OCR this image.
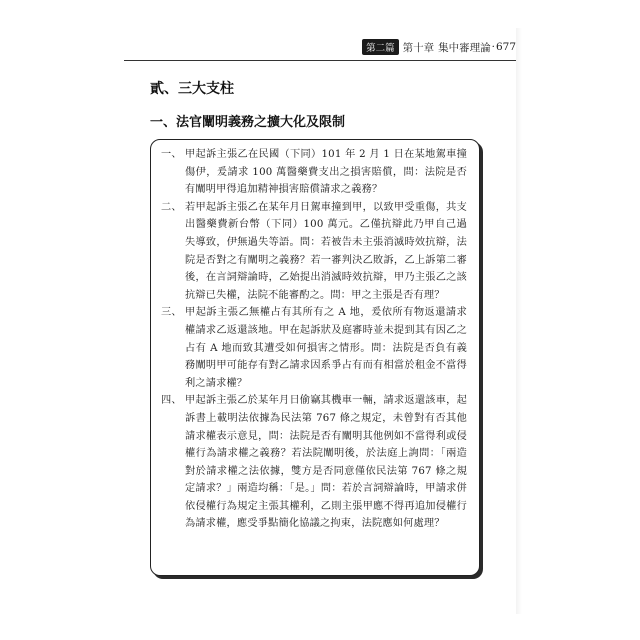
第二篇 第十章 集中審理論 · 677
貳、三大支柱
一、法官闡明義務之擴大化及限制
一、 甲起訴主張乙在民國（下同）101 年 2 月 1 日在某地駕車撞傷伊，爰請求 100 萬醫藥費支出之損害賠償，問：法院是否有闡明甲得追加精神損害賠償請求之義務？
二、 若甲起訴主張乙在某年月日駕車撞到甲，以致甲受重傷，共支出醫藥費新台幣（下同）100 萬元。乙僅抗辯此乃甲自己過失導致，伊無過失等語。問：若被告未主張消滅時效抗辯，法院是否對之有闡明之義務？若一審判決乙敗訴，乙上訴第二審後，在言詞辯論時，乙始提出消滅時效抗辯，甲乃主張乙之該抗辯已失權，法院不能審酌之。問：甲之主張是否有理？
三、 甲起訴主張乙無權占有其所有之 A 地，爰依所有物返還請求權請求乙返還該地。甲在起訴狀及庭審時並未提到其有因乙之占有 A 地而致其遭受如何損害之情形。問：法院是否負有義務闡明甲可能存有對乙請求因系爭占有而有相當於租金不當得利之請求權？
四、 甲起訴主張乙於某年月日偷竊其機車一輛，請求返還該車，起訴書上載明法依據為民法第 767 條之規定，未曾對有否其他請求權表示意見，問：法院是否有闡明其他例如不當得利或侵權行為請求權之義務？若法院闡明後，於法庭上詢問：「兩造對於請求權之法依據，雙方是否同意僅依民法第 767 條之規定請求？」兩造均稱：「是。」問：若於言詞辯論時，甲請求併依侵權行為規定主張其權利，乙則主張甲應不得再追加侵權行為請求權，應受爭點簡化協議之拘束，法院應如何處理？
